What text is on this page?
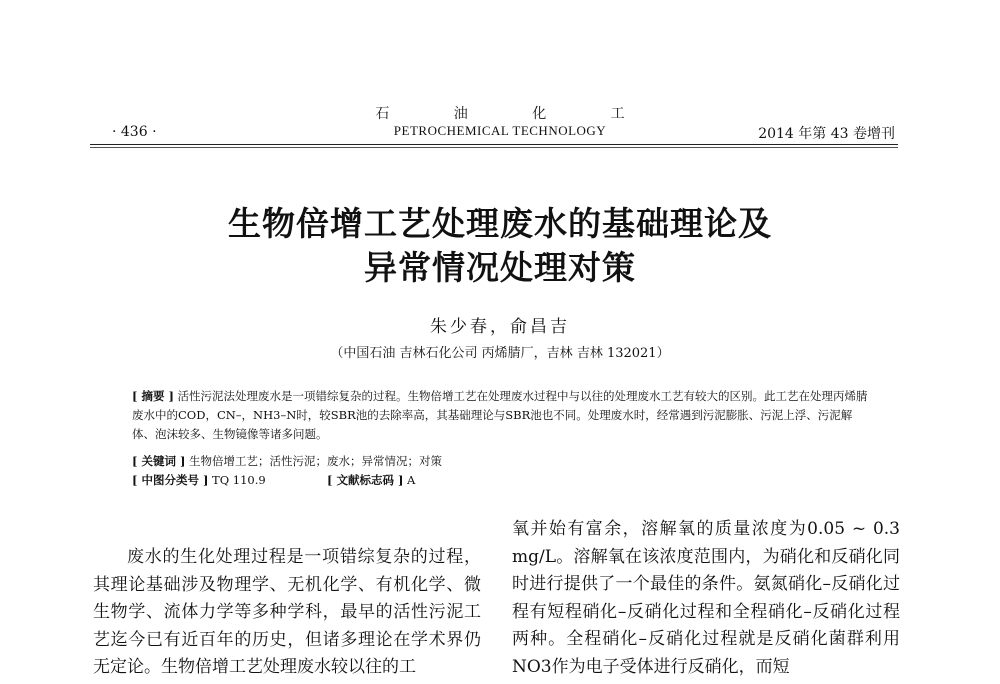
石 油 化 工
· 436 ·	PETROCHEMICAL TECHNOLOGY	2014 年第 43 卷增刊
生物倍增工艺处理废水的基础理论及
异常情况处理对策
朱少春，俞昌吉
（中国石油 吉林石化公司 丙烯腈厂，吉林 吉林 132021）
[ 摘要 ] 活性污泥法处理废水是一项错综复杂的过程。生物倍增工艺在处理废水过程中与以往的处理废水工艺有较大的区别。此工艺在处理丙烯腈废水中的COD，CN–，NH3–N时，较SBR池的去除率高，其基础理论与SBR池也不同。处理废水时，经常遇到污泥膨胀、污泥上浮、污泥解体、泡沫较多、生物镜像等诸多问题。
[ 关键词 ] 生物倍增工艺；活性污泥；废水；异常情况；对策
[ 中图分类号 ] TQ 110.9	[ 文献标志码 ] A

废水的生化处理过程是一项错综复杂的过程，其理论基础涉及物理学、无机化学、有机化学、微生物学、流体力学等多种学科，最早的活性污泥工艺迄今已有近百年的历史，但诸多理论在学术界仍无定论。生物倍增工艺处理废水较以往的工

氧并始有富余，溶解氧的质量浓度为0.05 ~ 0.3 mg/L。溶解氧在该浓度范围内，为硝化和反硝化同时进行提供了一个最佳的条件。氨氮硝化–反硝化过程有短程硝化–反硝化过程和全程硝化–反硝化过程两种。全程硝化–反硝化过程就是反硝化菌群利用NO3作为电子受体进行反硝化，而短
